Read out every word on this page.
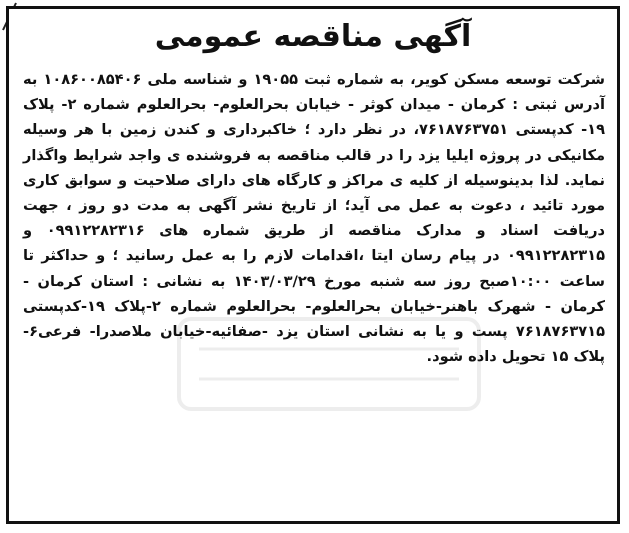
آگهی مناقصه عمومی

شرکت توسعه مسکن کویر، به شماره ثبت ۱۹۰۵۵ و شناسه ملی ۱۰۸۶۰۰۸۵۴۰۶ به آدرس ثبتی : کرمان - میدان کوثر - خیابان بحرالعلوم- بحرالعلوم شماره ۲- پلاک ۱۹- کدپستی ۷۶۱۸۷۶۳۷۵۱، در نظر دارد ؛ خاکبرداری و کندن زمین با هر وسیله مکانیکی در پروژه ایلیا یزد را در قالب مناقصه به فروشنده ی واجد شرایط واگذار نماید. لذا بدینوسیله از کلیه ی مراکز و کارگاه های دارای صلاحیت و سوابق کاری مورد تائید ، دعوت به عمل می آید؛ از تاریخ نشر آگهی به مدت دو روز ، جهت دریافت اسناد و مدارک مناقصه از طریق شماره های ۰۹۹۱۲۲۸۲۳۱۶ و ۰۹۹۱۲۲۸۲۳۱۵ در پیام رسان ایتا ،اقدامات لازم را به عمل رسانید ؛ و حداکثر تا ساعت ۱۰:۰۰صبح روز سه شنبه مورخ ۱۴۰۳/۰۳/۲۹ به نشانی : استان کرمان - کرمان - شهرک باهنر-خیابان بحرالعلوم- بحرالعلوم شماره ۲-پلاک ۱۹-کدپستی ۷۶۱۸۷۶۳۷۱۵ پست و یا به نشانی استان یزد -صفائیه-خیابان ملاصدرا- فرعی۶- پلاک ۱۵ تحویل داده شود.
